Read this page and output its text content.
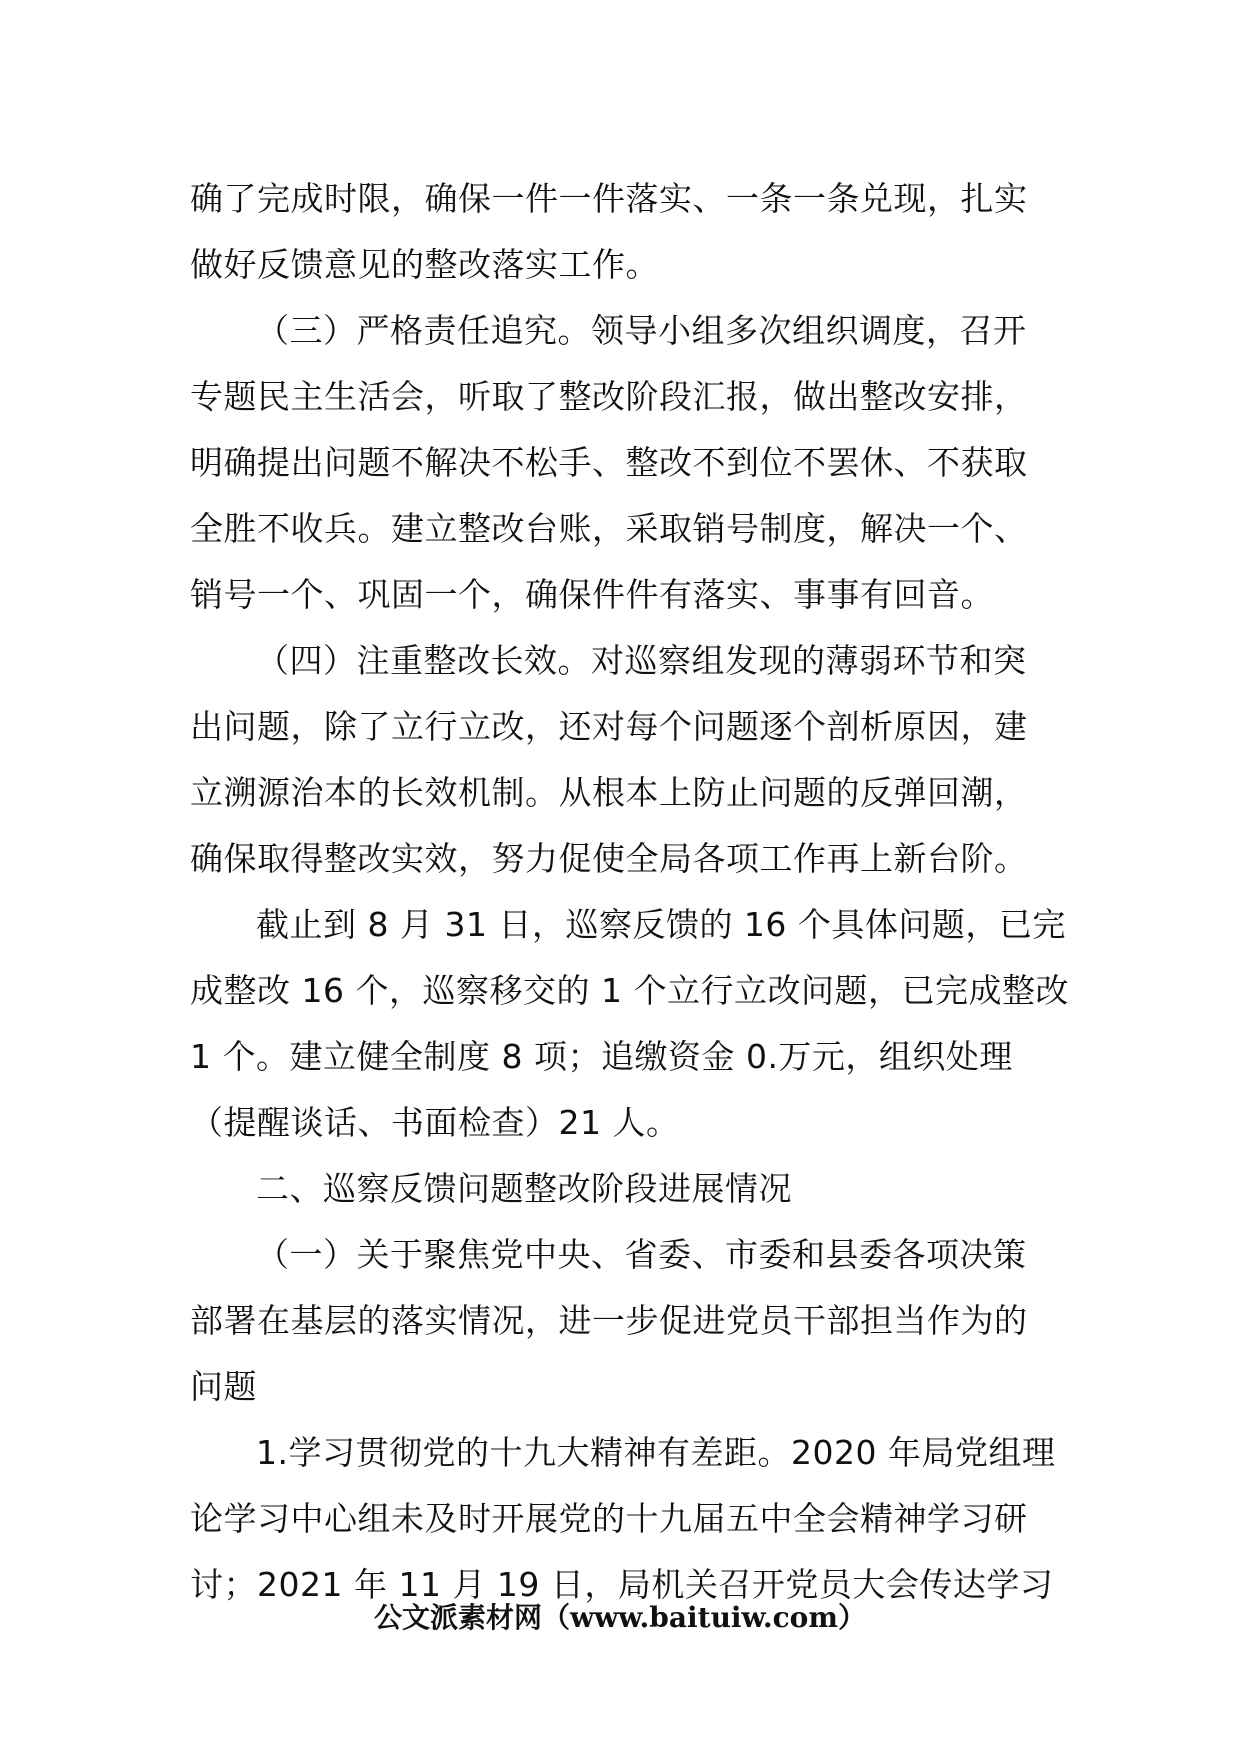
确了完成时限，确保一件一件落实、一条一条兑现，扎实
做好反馈意见的整改落实工作。
（三）严格责任追究。领导小组多次组织调度，召开
专题民主生活会，听取了整改阶段汇报，做出整改安排，
明确提出问题不解决不松手、整改不到位不罢休、不获取
全胜不收兵。建立整改台账，采取销号制度，解决一个、
销号一个、巩固一个，确保件件有落实、事事有回音。
（四）注重整改长效。对巡察组发现的薄弱环节和突
出问题，除了立行立改，还对每个问题逐个剖析原因，建
立溯源治本的长效机制。从根本上防止问题的反弹回潮，
确保取得整改实效，努力促使全局各项工作再上新台阶。
截止到 8 月 31 日，巡察反馈的 16 个具体问题，已完
成整改 16 个，巡察移交的 1 个立行立改问题，已完成整改
1 个。建立健全制度 8 项；追缴资金 0.万元，组织处理
（提醒谈话、书面检查）21 人。
二、巡察反馈问题整改阶段进展情况
（一）关于聚焦党中央、省委、市委和县委各项决策
部署在基层的落实情况，进一步促进党员干部担当作为的
问题
1.学习贯彻党的十九大精神有差距。2020 年局党组理
论学习中心组未及时开展党的十九届五中全会精神学习研
讨；2021 年 11 月 19 日，局机关召开党员大会传达学习
公文派素材网（www.baituiw.com）
